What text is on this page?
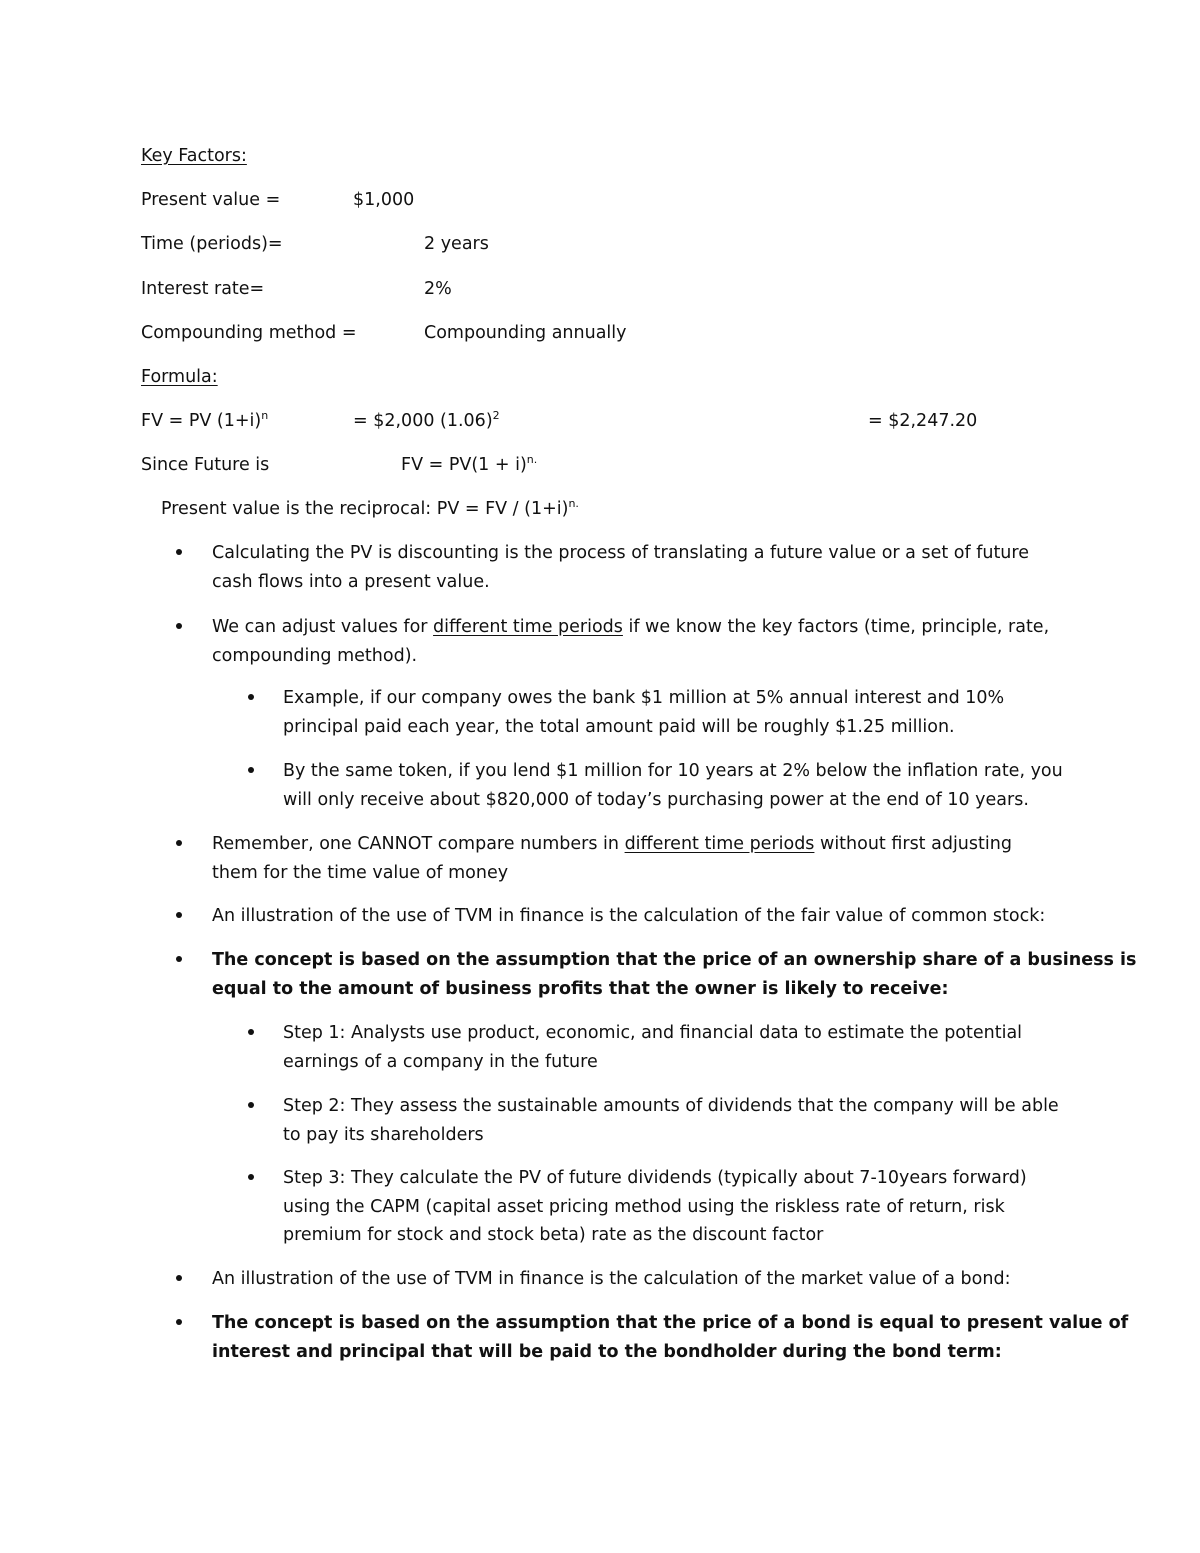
Key Factors:
Present value =	$1,000
Time (periods)=	2 years
Interest rate=	2%
Compounding method =	Compounding annually
Formula:
FV = PV $(1+i)^n$	= $2,000 $(1.06)^2$	= $2,247.20
Since Future is	FV = $PV(1 + i)^{n.}$
Present value is the reciprocal: PV = FV / $(1+i)^{n.}$
Calculating the PV is discounting is the process of translating a future value or a set of future
cash flows into a present value.
We can adjust values for different time periods if we know the key factors (time, principle, rate,
compounding method).
Example, if our company owes the bank $1 million at 5% annual interest and 10%
principal paid each year, the total amount paid will be roughly $1.25 million.
By the same token, if you lend $1 million for 10 years at 2% below the inflation rate, you
will only receive about $820,000 of today’s purchasing power at the end of 10 years.
Remember, one CANNOT compare numbers in different time periods without first adjusting
them for the time value of money
An illustration of the use of TVM in finance is the calculation of the fair value of common stock:
The concept is based on the assumption that the price of an ownership share of a business is
equal to the amount of business profits that the owner is likely to receive:
Step 1: Analysts use product, economic, and financial data to estimate the potential
earnings of a company in the future
Step 2: They assess the sustainable amounts of dividends that the company will be able
to pay its shareholders
Step 3: They calculate the PV of future dividends (typically about 7-10years forward)
using the CAPM (capital asset pricing method using the riskless rate of return, risk
premium for stock and stock beta) rate as the discount factor
An illustration of the use of TVM in finance is the calculation of the market value of a bond:
The concept is based on the assumption that the price of a bond is equal to present value of
interest and principal that will be paid to the bondholder during the bond term:
